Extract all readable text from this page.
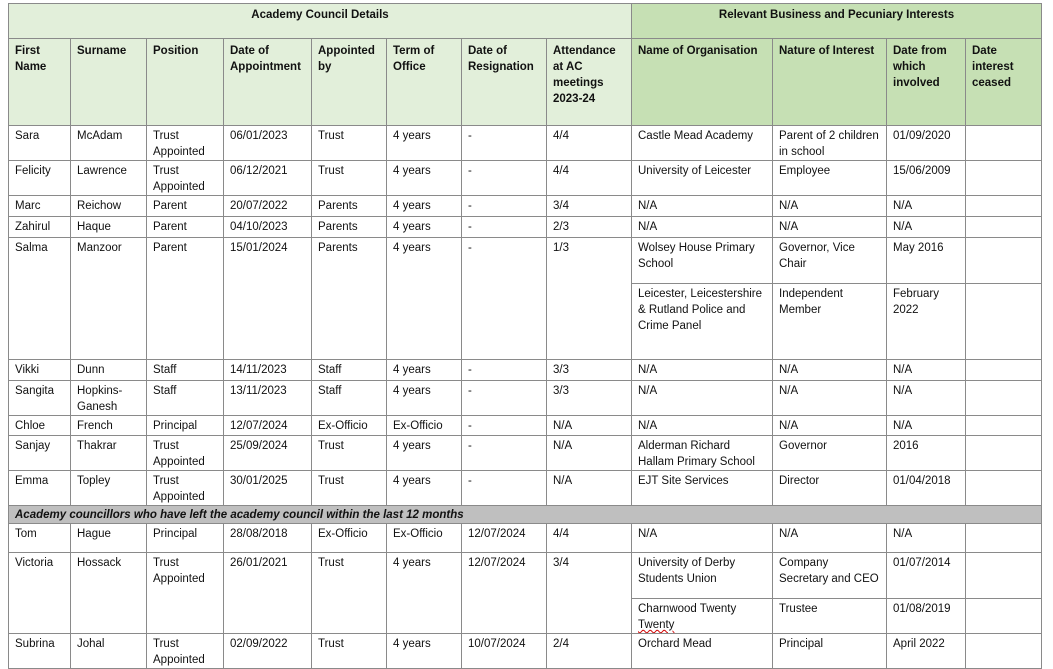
Academy Council Details								Relevant Business and Pecuniary Interests			
First Name	Surname	Position	Date of Appointment	Appointed by	Term of Office	Date of Resignation	Attendance at AC meetings 2023-24	Name of Organisation	Nature of Interest	Date from which involved	Date interest ceased
Sara	McAdam	Trust Appointed	06/01/2023	Trust	4 years	-	4/4	Castle Mead Academy	Parent of 2 children in school	01/09/2020	
Felicity	Lawrence	Trust Appointed	06/12/2021	Trust	4 years	-	4/4	University of Leicester	Employee	15/06/2009	
Marc	Reichow	Parent	20/07/2022	Parents	4 years	-	3/4	N/A	N/A	N/A	
Zahirul	Haque	Parent	04/10/2023	Parents	4 years	-	2/3	N/A	N/A	N/A	
Salma	Manzoor	Parent	15/01/2024	Parents	4 years	-	1/3	Wolsey House Primary School	Governor, Vice Chair	May 2016	
								Leicester, Leicestershire & Rutland Police and Crime Panel	Independent Member	February 2022	
Vikki	Dunn	Staff	14/11/2023	Staff	4 years	-	3/3	N/A	N/A	N/A	
Sangita	Hopkins-Ganesh	Staff	13/11/2023	Staff	4 years	-	3/3	N/A	N/A	N/A	
Chloe	French	Principal	12/07/2024	Ex-Officio	Ex-Officio	-	N/A	N/A	N/A	N/A	
Sanjay	Thakrar	Trust Appointed	25/09/2024	Trust	4 years	-	N/A	Alderman Richard Hallam Primary School	Governor	2016	
Emma	Topley	Trust Appointed	30/01/2025	Trust	4 years	-	N/A	EJT Site Services	Director	01/04/2018	
Academy councillors who have left the academy council within the last 12 months											
Tom	Hague	Principal	28/08/2018	Ex-Officio	Ex-Officio	12/07/2024	4/4	N/A	N/A	N/A	
Victoria	Hossack	Trust Appointed	26/01/2021	Trust	4 years	12/07/2024	3/4	University of Derby Students Union	Company Secretary and CEO	01/07/2014	
								Charnwood Twenty Twenty	Trustee	01/08/2019	
Subrina	Johal	Trust Appointed	02/09/2022	Trust	4 years	10/07/2024	2/4	Orchard Mead	Principal	April 2022	
